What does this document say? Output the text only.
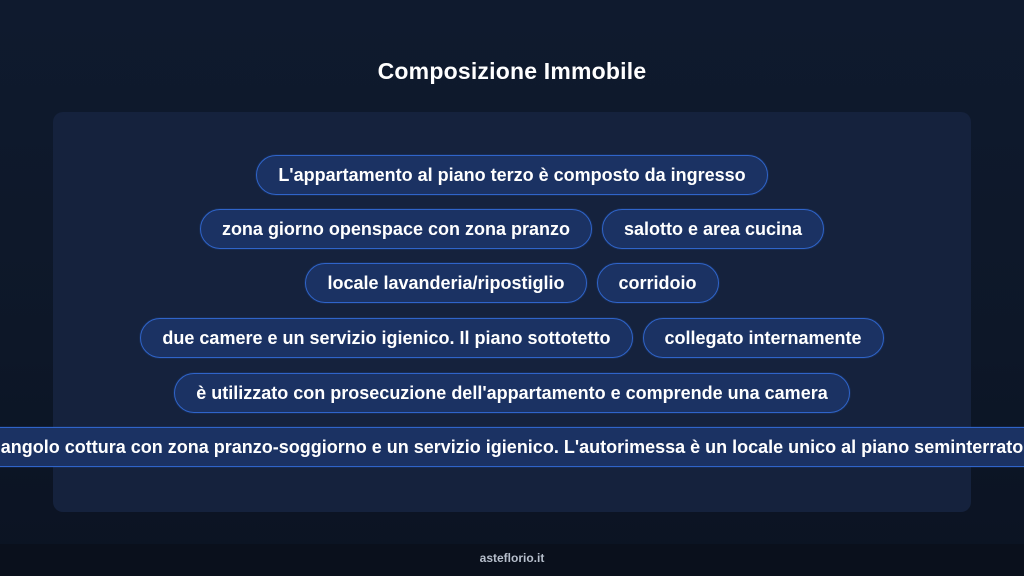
Composizione Immobile
L'appartamento al piano terzo è composto da ingresso
zona giorno openspace con zona pranzo	salotto e area cucina
locale lavanderia/ripostiglio	corridoio
due camere e un servizio igienico. Il piano sottotetto	collegato internamente
è utilizzato con prosecuzione dell'appartamento e comprende una camera
angolo cottura con zona pranzo-soggiorno e un servizio igienico. L'autorimessa è un locale unico al piano seminterrato
asteflorio.it
